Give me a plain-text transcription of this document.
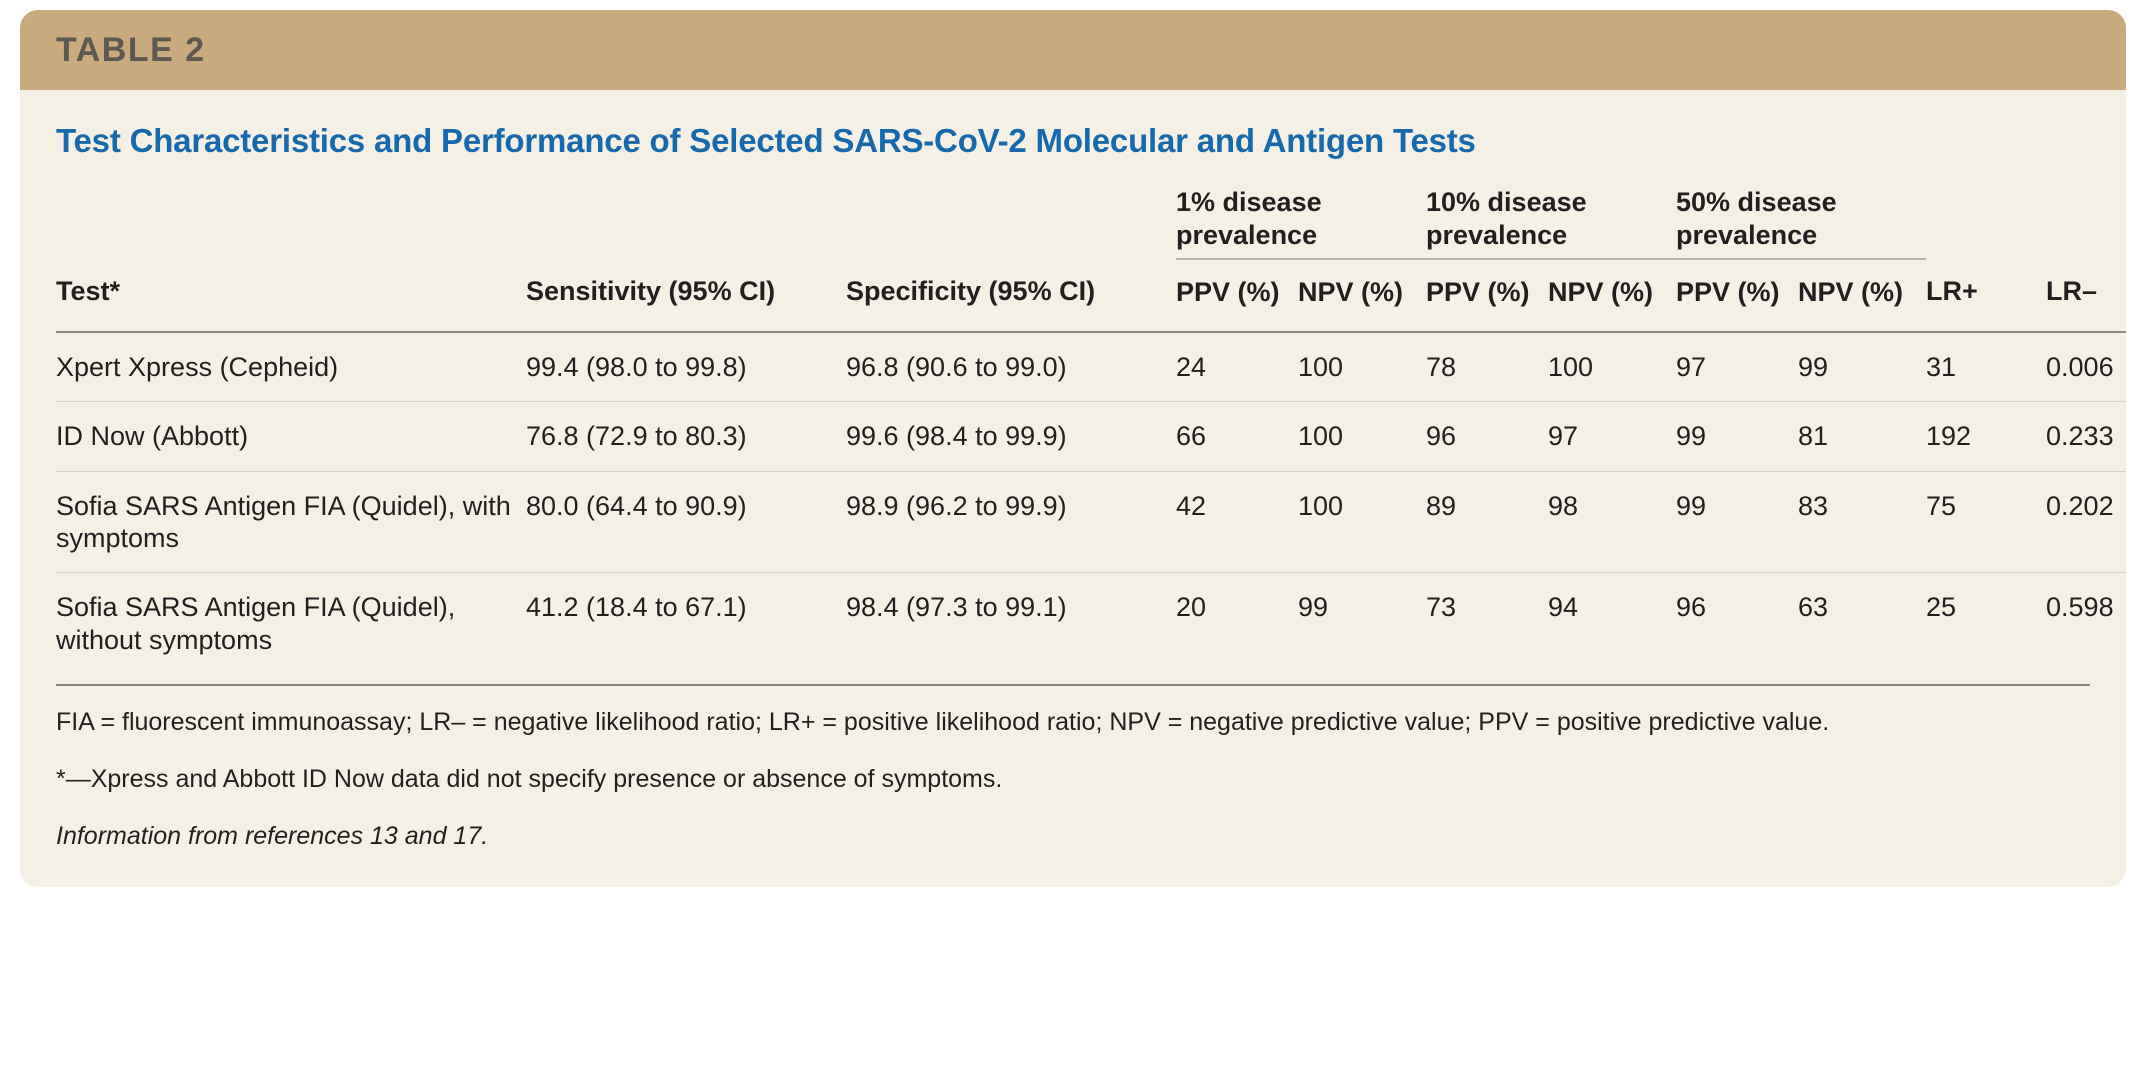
TABLE 2
Test Characteristics and Performance of Selected SARS-CoV-2 Molecular and Antigen Tests
			1% disease prevalence		10% disease prevalence		50% disease prevalence			
Test*	Sensitivity (95% CI)	Specificity (95% CI)	PPV (%)	NPV (%)	PPV (%)	NPV (%)	PPV (%)	NPV (%)	LR+	LR–

Xpert Xpress (Cepheid)	99.4 (98.0 to 99.8)	96.8 (90.6 to 99.0)	24	100	78	100	97	99	31	0.006
ID Now (Abbott)	76.8 (72.9 to 80.3)	99.6 (98.4 to 99.9)	66	100	96	97	99	81	192	0.233
Sofia SARS Antigen FIA (Quidel), with symptoms	80.0 (64.4 to 90.9)	98.9 (96.2 to 99.9)	42	100	89	98	99	83	75	0.202
Sofia SARS Antigen FIA (Quidel), without symptoms	41.2 (18.4 to 67.1)	98.4 (97.3 to 99.1)	20	99	73	94	96	63	25	0.598
FIA = fluorescent immunoassay; LR– = negative likelihood ratio; LR+ = positive likelihood ratio; NPV = negative predictive value; PPV = positive predictive value.
*—Xpress and Abbott ID Now data did not specify presence or absence of symptoms.
Information from references 13 and 17.
